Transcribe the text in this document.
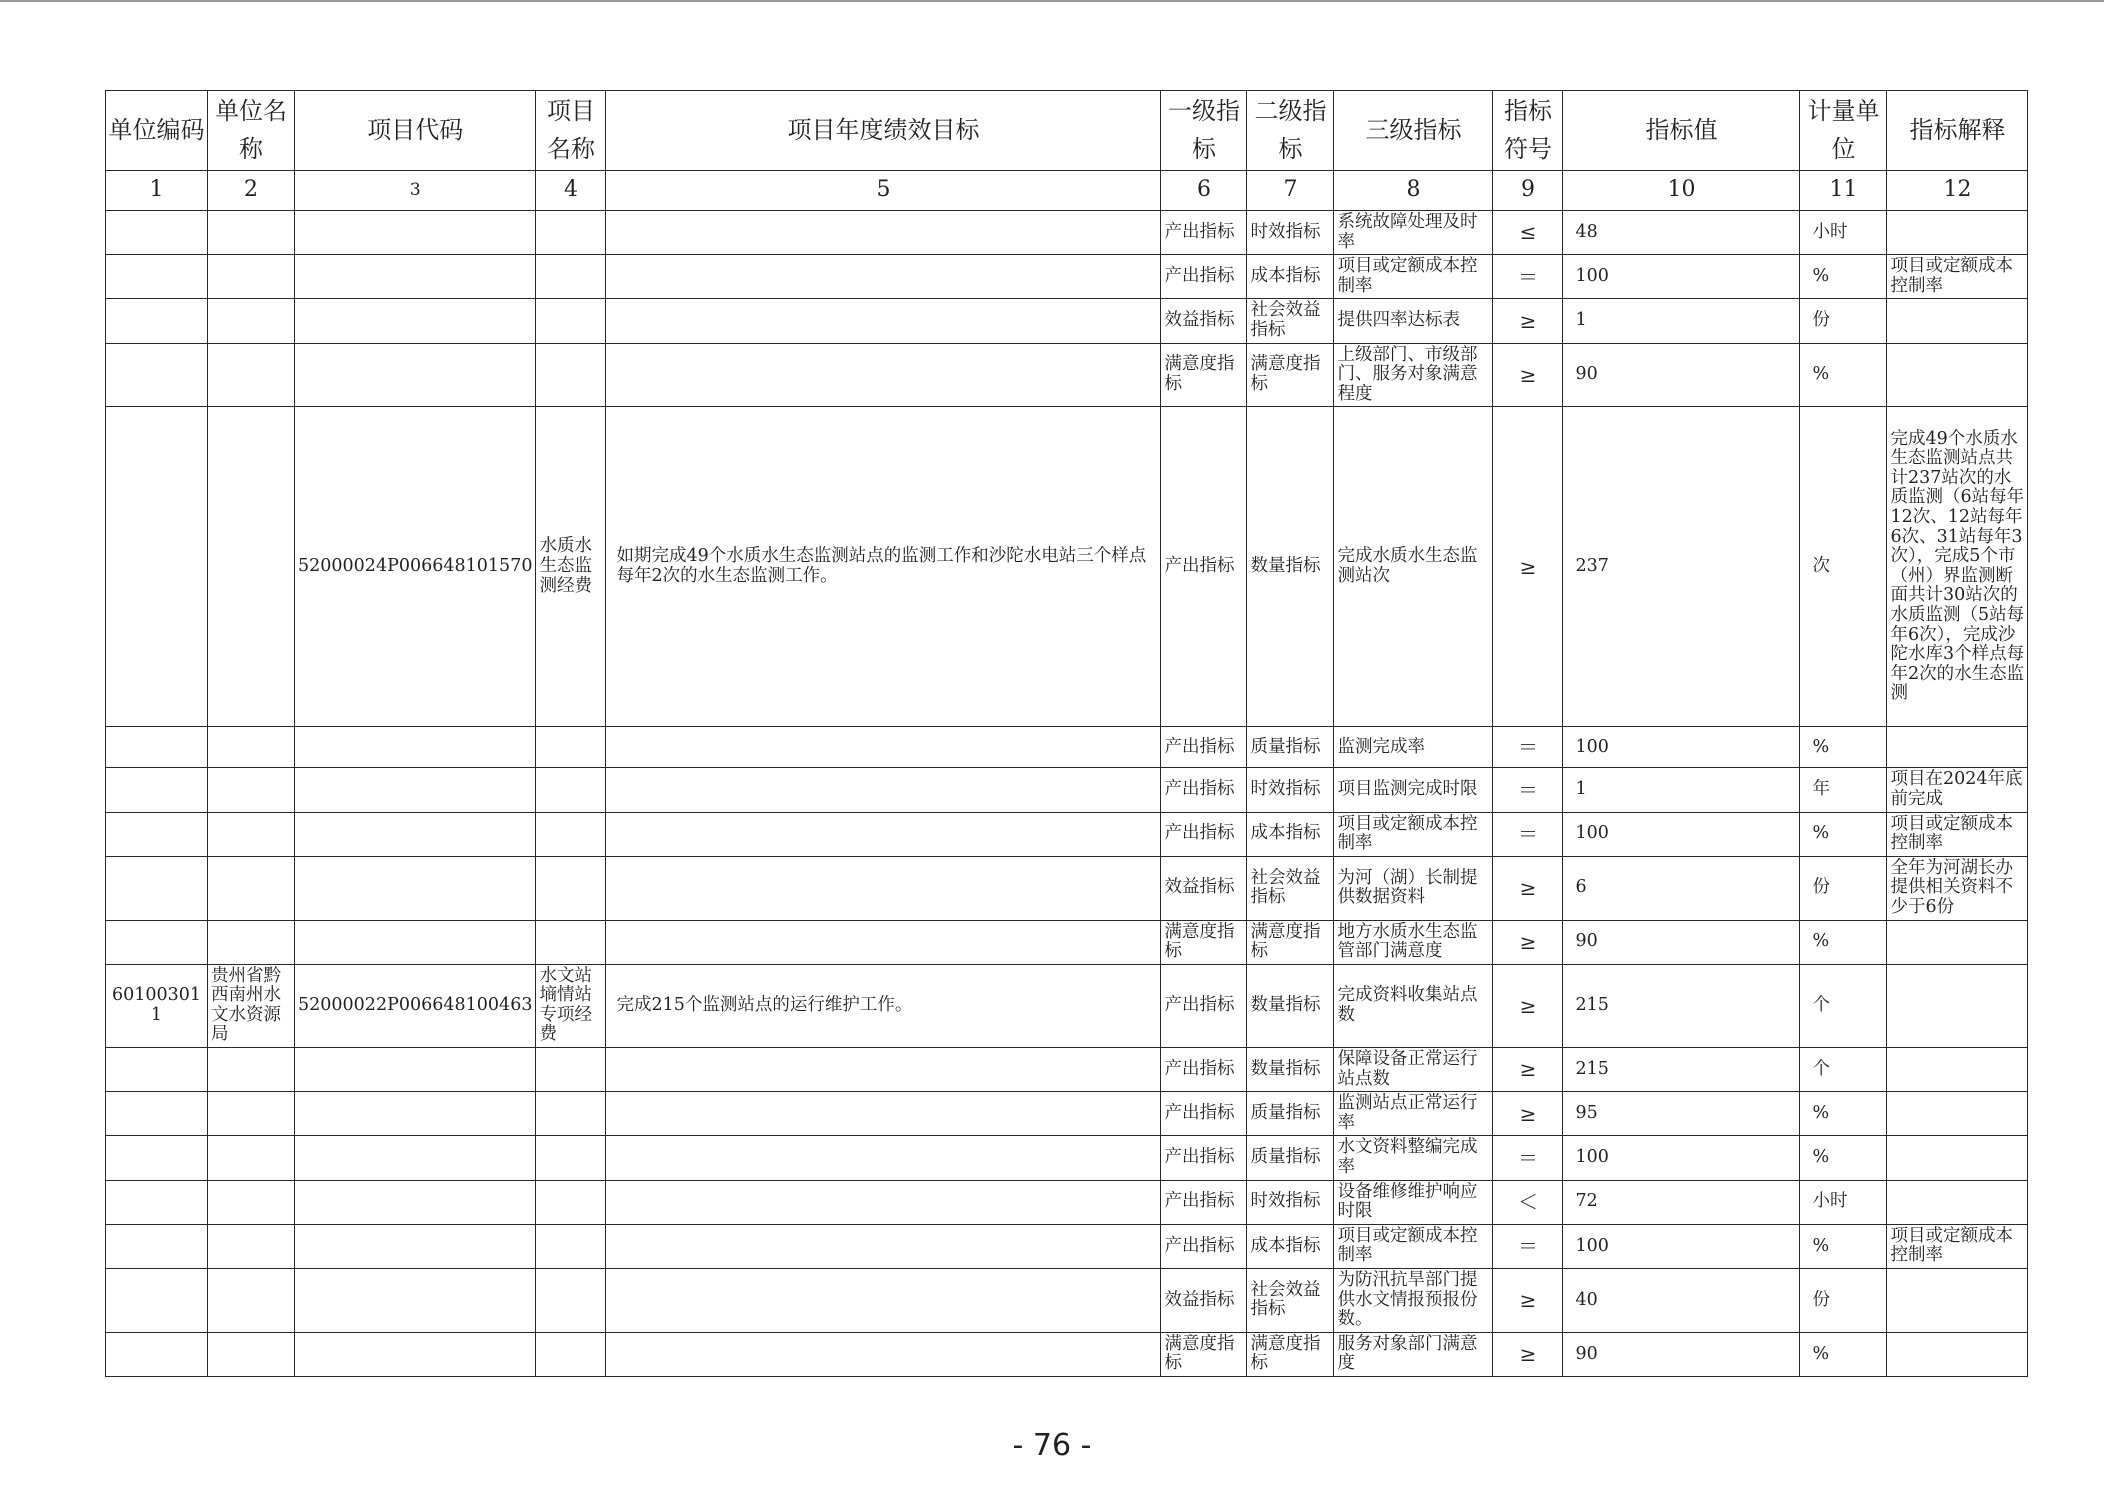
单位编码	单位名称	项目代码	项目名称	项目年度绩效目标	一级指标	二级指标	三级指标	指标符号	指标值	计量单位	指标解释
1	2	3	4	5	6	7	8	9	10	11	12
					产出指标	时效指标	系统故障处理及时率	≤	48	小时	
					产出指标	成本指标	项目或定额成本控制率	＝	100	%	项目或定额成本控制率
					效益指标	社会效益指标	提供四率达标表	≥	1	份	
					满意度指标	满意度指标	上级部门、市级部门、服务对象满意程度	≥	90	%	
		52000024P006648101570	水质水生态监测经费	如期完成49个水质水生态监测站点的监测工作和沙陀水电站三个样点每年2次的水生态监测工作。	产出指标	数量指标	完成水质水生态监测站次	≥	237	次	完成49个水质水生态监测站点共计237站次的水质监测（6站每年12次、12站每年6次、31站每年3次），完成5个市（州）界监测断面共计30站次的水质监测（5站每年6次），完成沙陀水库3个样点每年2次的水生态监测
					产出指标	质量指标	监测完成率	＝	100	%	
					产出指标	时效指标	项目监测完成时限	＝	1	年	项目在2024年底前完成
					产出指标	成本指标	项目或定额成本控制率	＝	100	%	项目或定额成本控制率
					效益指标	社会效益指标	为河（湖）长制提供数据资料	≥	6	份	全年为河湖长办提供相关资料不少于6份
					满意度指标	满意度指标	地方水质水生态监管部门满意度	≥	90	%	
601003011	贵州省黔西南州水文水资源局	52000022P006648100463	水文站墒情站专项经费	完成215个监测站点的运行维护工作。	产出指标	数量指标	完成资料收集站点数	≥	215	个	
					产出指标	数量指标	保障设备正常运行站点数	≥	215	个	
					产出指标	质量指标	监测站点正常运行率	≥	95	%	
					产出指标	质量指标	水文资料整编完成率	＝	100	%	
					产出指标	时效指标	设备维修维护响应时限	＜	72	小时	
					产出指标	成本指标	项目或定额成本控制率	＝	100	%	项目或定额成本控制率
					效益指标	社会效益指标	为防汛抗旱部门提供水文情报预报份数。	≥	40	份	
					满意度指标	满意度指标	服务对象部门满意度	≥	90	%	
- 76 -
